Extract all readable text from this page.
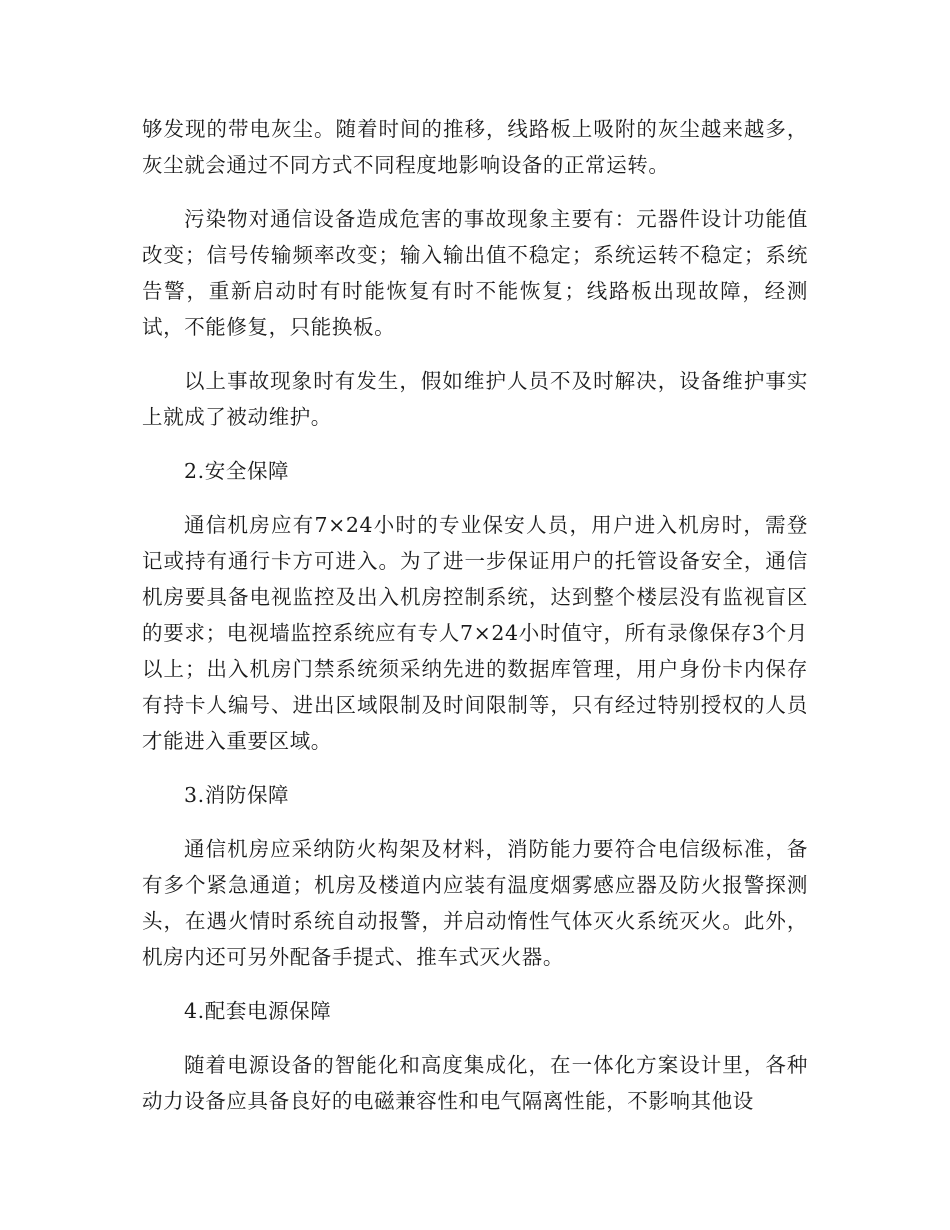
够发现的带电灰尘。随着时间的推移，线路板上吸附的灰尘越来越多，灰尘就会通过不同方式不同程度地影响设备的正常运转。

污染物对通信设备造成危害的事故现象主要有：元器件设计功能值改变；信号传输频率改变；输入输出值不稳定；系统运转不稳定；系统告警，重新启动时有时能恢复有时不能恢复；线路板出现故障，经测试，不能修复，只能换板。

以上事故现象时有发生，假如维护人员不及时解决，设备维护事实上就成了被动维护。

2.安全保障

通信机房应有7×24小时的专业保安人员，用户进入机房时，需登记或持有通行卡方可进入。为了进一步保证用户的托管设备安全，通信机房要具备电视监控及出入机房控制系统，达到整个楼层没有监视盲区的要求；电视墙监控系统应有专人7×24小时值守，所有录像保存3个月以上；出入机房门禁系统须采纳先进的数据库管理，用户身份卡内保存有持卡人编号、进出区域限制及时间限制等，只有经过特别授权的人员才能进入重要区域。

3.消防保障

通信机房应采纳防火构架及材料，消防能力要符合电信级标准，备有多个紧急通道；机房及楼道内应装有温度烟雾感应器及防火报警探测头，在遇火情时系统自动报警，并启动惰性气体灭火系统灭火。此外，机房内还可另外配备手提式、推车式灭火器。

4.配套电源保障

随着电源设备的智能化和高度集成化，在一体化方案设计里，各种动力设备应具备良好的电磁兼容性和电气隔离性能，不影响其他设
